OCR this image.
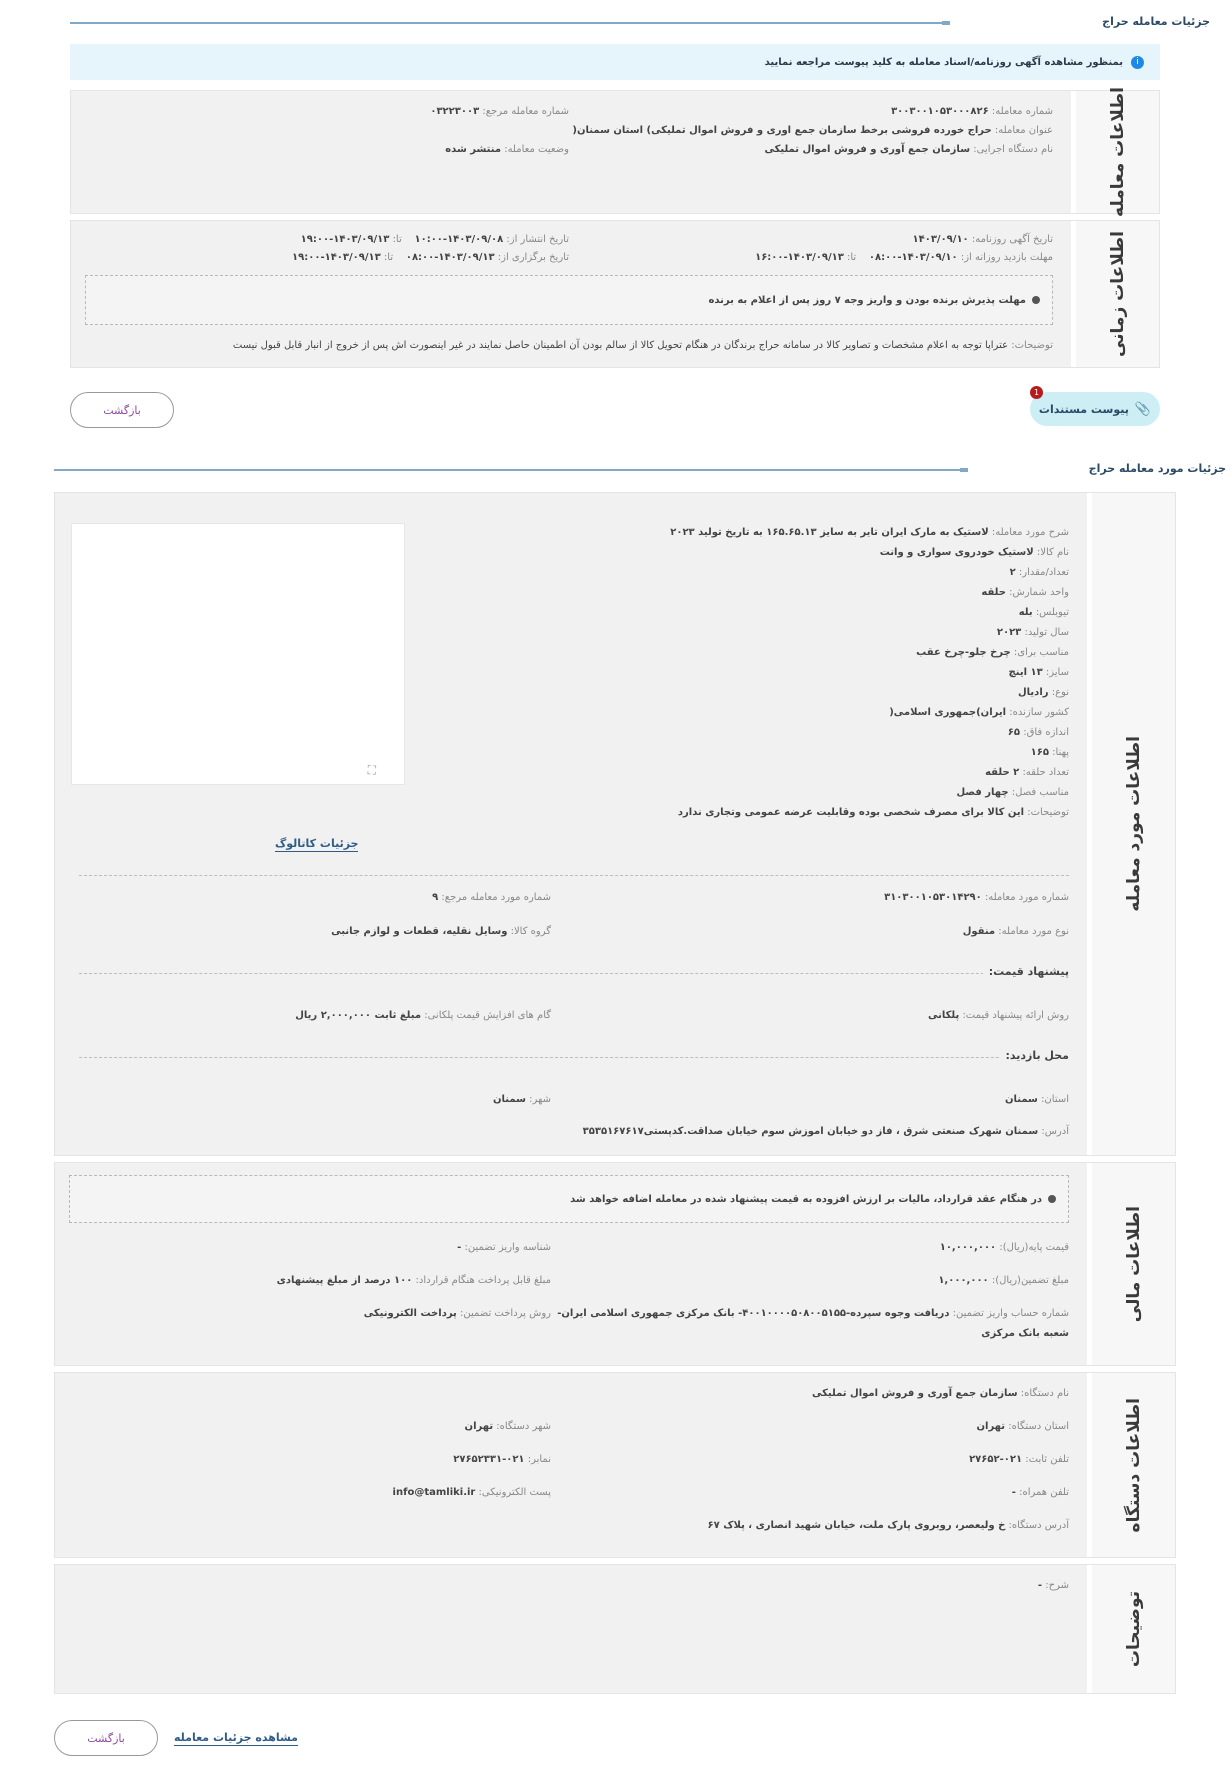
جزئیات معامله حراج
i
بمنظور مشاهده آگهی روزنامه/اسناد معامله به کلید پیوست مراجعه نمایید
اطلاعات معامله
شماره معامله: ۳۰۰۳۰۰۱۰۵۳۰۰۰۸۲۶
عنوان معامله: حراج خورده فروشی برخط سازمان جمع اوری و فروش اموال تملیکی) استان سمنان(
نام دستگاه اجرایی: سازمان جمع آوری و فروش اموال تملیکی
شماره معامله مرجع: ۰۳۲۲۳۰۰۳
وضعیت معامله: منتشر شده
اطلاعات زمانی
تاریخ آگهی روزنامه: ۱۴۰۳/۰۹/۱۰
مهلت بازدید روزانه از: ۱۴۰۳/۰۹/۱۰-۰۸:۰۰    تا: ۱۴۰۳/۰۹/۱۳-۱۶:۰۰
تاریخ انتشار از: ۱۴۰۳/۰۹/۰۸-۱۰:۰۰    تا: ۱۴۰۳/۰۹/۱۳-۱۹:۰۰
تاریخ برگزاری از: ۱۴۰۳/۰۹/۱۳-۰۸:۰۰    تا: ۱۴۰۳/۰۹/۱۳-۱۹:۰۰
مهلت پذیرش برنده بودن و واریز وجه ۷ روز پس از اعلام به برنده
توضیحات: عتراپا توجه به اعلام مشخصات و تصاویر کالا در سامانه حراج برندگان در هنگام تحویل کالا از سالم بودن آن اطمینان حاصل نمایند در غیر اینصورت اش پس از خروج از انبار قابل قبول نیست
📎
پیوست مستندات
1
بازگشت
جزئیات مورد معامله حراج
اطلاعات مورد معامله
شرح مورد معامله: لاستیک به مارک ایران تایر به سایز ۱۶۵.۶۵.۱۳ به تاریخ تولید ۲۰۲۳
نام کالا: لاستیک خودروی سواری و وانت
تعداد/مقدار: ۲
واحد شمارش: حلقه
تیوبلس: بله
سال تولید: ۲۰۲۳
مناسب برای: چرخ جلو-چرخ عقب
سایز: ۱۳ اینچ
نوع: رادیال
کشور سازنده: ایران)جمهوری اسلامی(
اندازه فاق: ۶۵
پهنا: ۱۶۵
تعداد حلقه: ۲ حلقه
مناسب فصل: چهار فصل
توضیحات: این کالا برای مصرف شخصی بوده وقابلیت عرضه عمومی وتجاری ندارد
⛶
جزئیات کاتالوگ
شماره مورد معامله: ۳۱۰۳۰۰۱۰۵۳۰۱۴۲۹۰
شماره مورد معامله مرجع: ۹
نوع مورد معامله: منقول
گروه کالا: وسایل نقلیه، قطعات و لوازم جانبی
پیشنهاد قیمت:
روش ارائه پیشنهاد قیمت: پلکانی
گام های افزایش قیمت پلکانی: مبلغ ثابت ۲,۰۰۰,۰۰۰ ریال
محل بازدید:
استان: سمنان
شهر: سمنان
آدرس: سمنان شهرک صنعتی شرق ، فاز دو خیابان اموزش سوم خیابان صداقت.کدپستی۳۵۳۵۱۶۷۶۱۷
اطلاعات مالی
در هنگام عقد قرارداد، مالیات بر ارزش افزوده به قیمت پیشنهاد شده در معامله اضافه خواهد شد
قیمت پایه(ریال): ۱۰,۰۰۰,۰۰۰
شناسه واریز تضمین: -
مبلغ تضمین(ریال): ۱,۰۰۰,۰۰۰
مبلغ قابل پرداخت هنگام قرارداد: ۱۰۰ درصد از مبلغ پیشنهادی
شماره حساب واریز تضمین: دریافت وجوه سپرده-۴۰۰۱۰۰۰۰۵۰۸۰۰۵۱۵۵- بانک مرکزی جمهوری اسلامی ایران-
شعبه بانک مرکزی
روش پرداخت تضمین: پرداخت الکترونیکی
اطلاعات دستگاه
نام دستگاه: سازمان جمع آوری و فروش اموال تملیکی
استان دستگاه: تهران
شهر دستگاه: تهران
تلفن ثابت: ۰۲۱-۲۷۶۵۲
نمابر: ۰۲۱-۲۷۶۵۲۳۳۱
تلفن همراه: -
پست الکترونیکی: info@tamliki.ir
آدرس دستگاه: خ ولیعصر، روبروی پارک ملت، خیابان شهید انصاری ، پلاک ۶۷
توضیحات
شرح: -
بازگشت	مشاهده جزئیات معامله
